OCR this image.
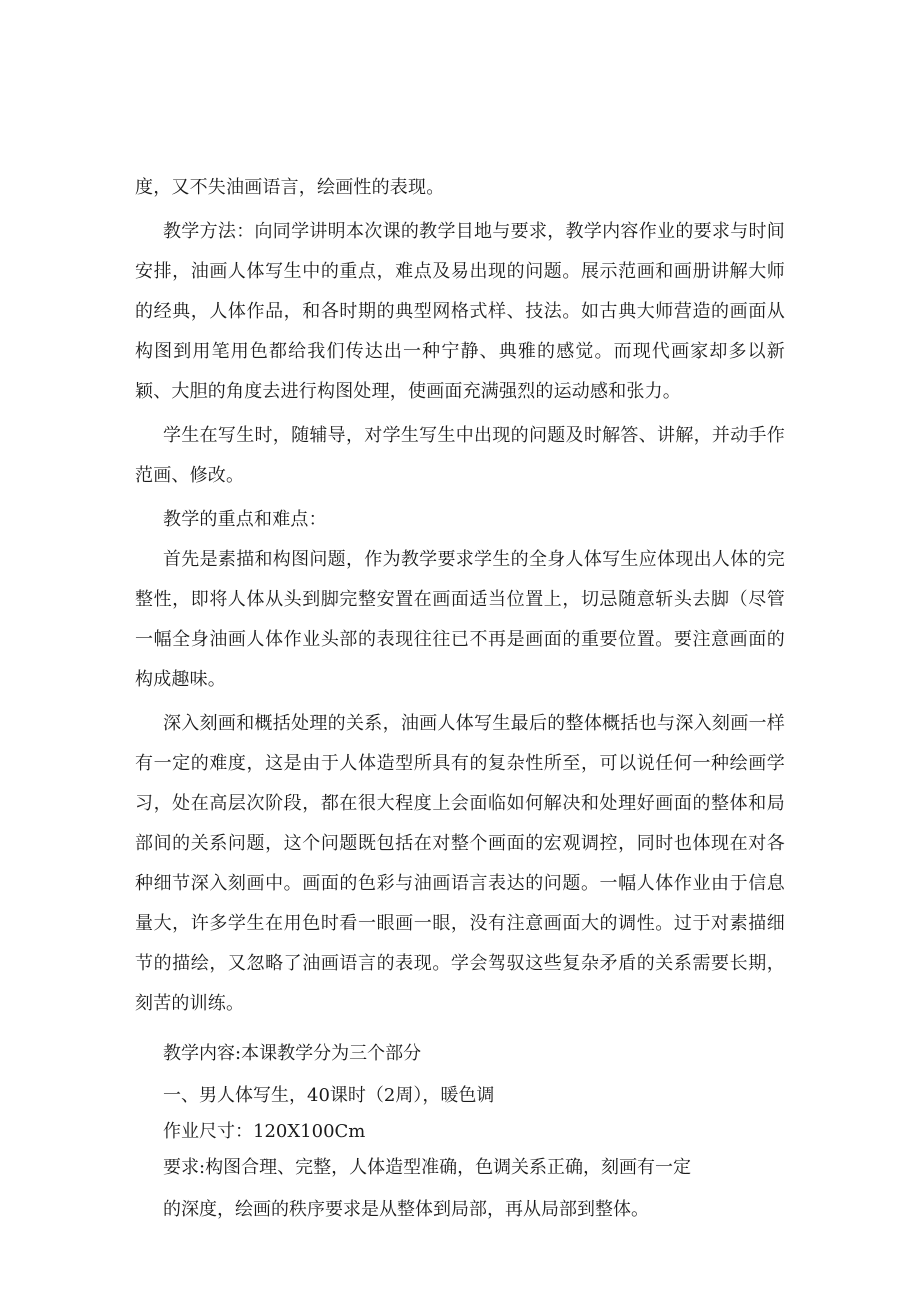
度，又不失油画语言，绘画性的表现。

教学方法：向同学讲明本次课的教学目地与要求，教学内容作业的要求与时间安排，油画人体写生中的重点，难点及易出现的问题。展示范画和画册讲解大师的经典，人体作品，和各时期的典型网格式样、技法。如古典大师营造的画面从构图到用笔用色都给我们传达出一种宁静、典雅的感觉。而现代画家却多以新颖、大胆的角度去进行构图处理，使画面充满强烈的运动感和张力。

学生在写生时，随辅导，对学生写生中出现的问题及时解答、讲解，并动手作范画、修改。

教学的重点和难点：

首先是素描和构图问题，作为教学要求学生的全身人体写生应体现出人体的完整性，即将人体从头到脚完整安置在画面适当位置上，切忌随意斩头去脚（尽管一幅全身油画人体作业头部的表现往往已不再是画面的重要位置。要注意画面的构成趣味。

深入刻画和概括处理的关系，油画人体写生最后的整体概括也与深入刻画一样有一定的难度，这是由于人体造型所具有的复杂性所至，可以说任何一种绘画学习，处在高层次阶段，都在很大程度上会面临如何解决和处理好画面的整体和局部间的关系问题，这个问题既包括在对整个画面的宏观调控，同时也体现在对各种细节深入刻画中。画面的色彩与油画语言表达的问题。一幅人体作业由于信息量大，许多学生在用色时看一眼画一眼，没有注意画面大的调性。过于对素描细节的描绘，又忽略了油画语言的表现。学会驾驭这些复杂矛盾的关系需要长期，刻苦的训练。

教学内容:本课教学分为三个部分

一、男人体写生，40课时（2周），暖色调

作业尺寸：120X100Cm

要求:构图合理、完整，人体造型准确，色调关系正确，刻画有一定

的深度，绘画的秩序要求是从整体到局部，再从局部到整体。
